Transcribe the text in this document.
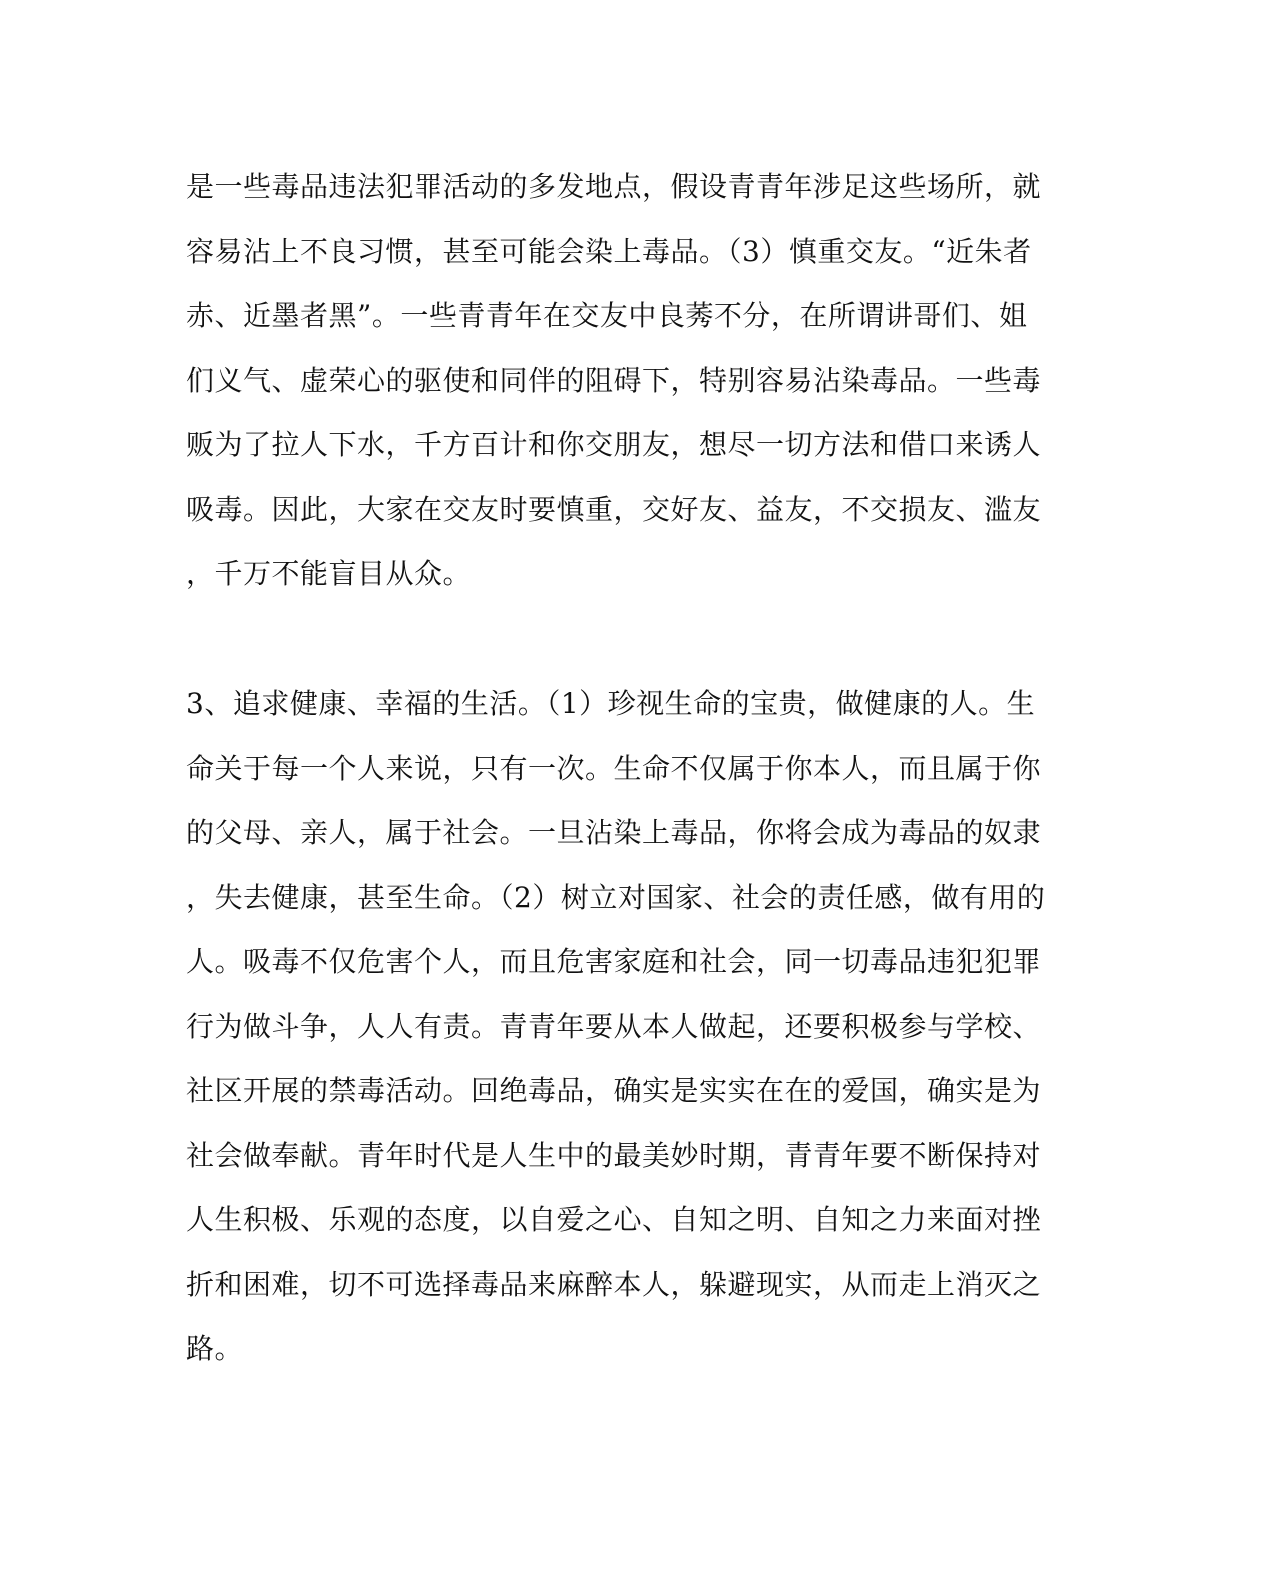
是一些毒品违法犯罪活动的多发地点，假设青青年涉足这些场所，就
容易沾上不良习惯，甚至可能会染上毒品。（3）慎重交友。“近朱者
赤、近墨者黑”。一些青青年在交友中良莠不分，在所谓讲哥们、姐
们义气、虚荣心的驱使和同伴的阻碍下，特别容易沾染毒品。一些毒
贩为了拉人下水，千方百计和你交朋友，想尽一切方法和借口来诱人
吸毒。因此，大家在交友时要慎重，交好友、益友，不交损友、滥友
，千万不能盲目从众。
3、追求健康、幸福的生活。（1）珍视生命的宝贵，做健康的人。生
命关于每一个人来说，只有一次。生命不仅属于你本人，而且属于你
的父母、亲人，属于社会。一旦沾染上毒品，你将会成为毒品的奴隶
，失去健康，甚至生命。（2）树立对国家、社会的责任感，做有用的
人。吸毒不仅危害个人，而且危害家庭和社会，同一切毒品违犯犯罪
行为做斗争，人人有责。青青年要从本人做起，还要积极参与学校、
社区开展的禁毒活动。回绝毒品，确实是实实在在的爱国，确实是为
社会做奉献。青年时代是人生中的最美妙时期，青青年要不断保持对
人生积极、乐观的态度，以自爱之心、自知之明、自知之力来面对挫
折和困难，切不可选择毒品来麻醉本人，躲避现实，从而走上消灭之
路。
